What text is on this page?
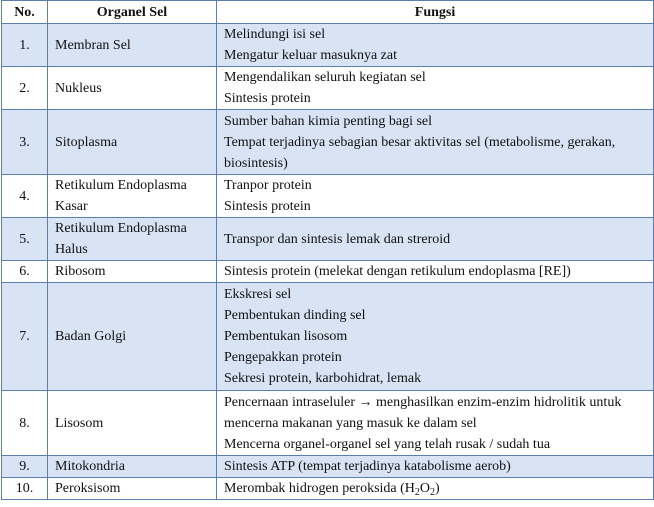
No.	Organel Sel	Fungsi
1.	Membran Sel	Melindungi isi sel
Mengatur keluar masuknya zat

2.	Nukleus	Mengendalikan seluruh kegiatan sel
Sintesis protein

3.	Sitoplasma	Sumber bahan kimia penting bagi sel
Tempat terjadinya sebagian besar aktivitas sel (metabolisme, gerakan, biosintesis)

4.	Retikulum Endoplasma Kasar	Tranpor protein
Sintesis protein

5.	Retikulum Endoplasma Halus	Transpor dan sintesis lemak dan streroid

6.	Ribosom	Sintesis protein (melekat dengan retikulum endoplasma [RE])

7.	Badan Golgi	Ekskresi sel
Pembentukan dinding sel
Pembentukan lisosom
Pengepakkan protein
Sekresi protein, karbohidrat, lemak

8.	Lisosom	Pencernaan intraseluler → menghasilkan enzim-enzim hidrolitik untuk mencerna makanan yang masuk ke dalam sel
Mencerna organel-organel sel yang telah rusak / sudah tua

9.	Mitokondria	Sintesis ATP (tempat terjadinya katabolisme aerob)

10.	Peroksisom	Merombak hidrogen peroksida $(H_2O_2)$
